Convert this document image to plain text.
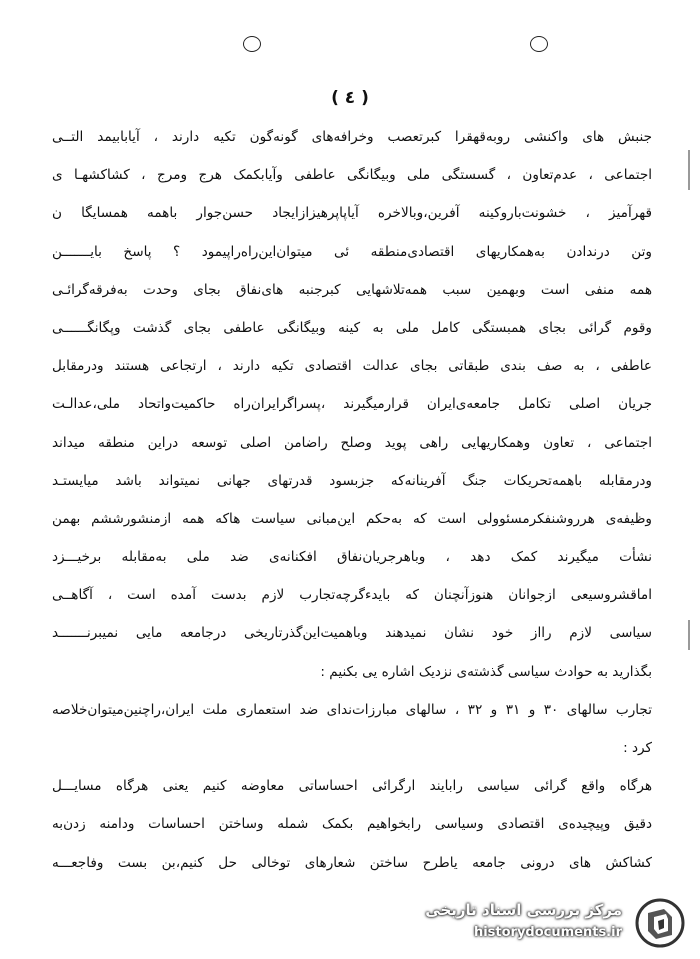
( ٤ )
جنبش های واکنشی روبه‌قهقرا کبرتعصب وخرافه‌های گونه‌گون تکیه دارند ، آیابابیمد التــی
اجتماعی ، عدم‌تعاون ، گسستگی ملی وبیگانگی عاطفی وآیابکمک هرج ومرج ، کشاکشهـا ی
قهرآمیز ، خشونت‌باروکینه آفرین،وبالاخره آیاپاپرهیزازایجاد حسن‌جوار باهمه همسایگا ن
وتن درندادن به‌همکاریهای اقتصادی‌منطقه ئی میتوان‌این‌راه‌راپیمود ؟ پاسخ بایـــــــن
همه منفی است وبهمین سبب همه‌تلاشهایی کبرجنبه های‌نفاق بجای وحدت به‌فرقه‌گرائـی
وقوم گرائی بجای همبستگی کامل ملی به کینه وبیگانگی عاطفی بجای گذشت وپگانگــــــی
عاطفی ، به صف بندی طبقاتی بجای عدالت اقتصادی تکیه دارند ، ارتجاعی هستند ودرمقابل
جریان اصلی تکامل جامعه‌ی‌ایران قرارمیگیرند ،پسراگرایران‌راه حاکمیت‌واتحاد ملی،عدالـت
اجتماعی ، تعاون وهمکاریهایی راهی پوید وصلح راضامن اصلی توسعه‌ دراین منطقه میداند
ودرمقابله باهمه‌تحریکات جنگ آفرینانه‌که جزبسود قدرتهای جهانی نمیتواند باشد میایستـد
وظیفه‌ی هرروشنفکرمسئوولی است که به‌حکم این‌مبانی سیاست هاکه همه ازمنشورششم بهمن
نشأت میگیرند کمک دهد ، وباهرجریان‌نفاق افکنانه‌ی ضد ملی به‌مقابله برخیـــزد
اماقشروسیعی ازجوانان هنوزآنچنان که بایدءگرچه‌تجارب لازم بدست آمده است ، آگاهــی
سیاسی لازم رااز خود نشان نمیدهند وباهمیت‌این‌گذرتاریخی درجامعه مایی نمیبرنـــــــد
بگذارید به حوادث سیاسی گذشته‌ی نزدیک اشاره یی بکنیم :
تجارب سالهای ۳۰ و ۳۱ و ۳۲ ، سالهای مبارزات‌ندای ضد استعماری ملت ایران،راچنین‌میتوان‌خلاصه
کرد :
هرگاه واقع گرائی سیاسی رابایند ارگرائی احساساتی معاوضه کنیم یعنی هرگاه مسایـــل
دقیق وپیچیده‌ی اقتصادی وسیاسی رابخواهیم بکمک شمله وساختن احساسات ودامنه زدن‌به
کشاکش های درونی جامعه یاطرح ساختن شعارهای توخالی حل کنیم،بن بست وفاجعـــه
مرکز بررسی اسناد تاریخی
historydocuments.ir
